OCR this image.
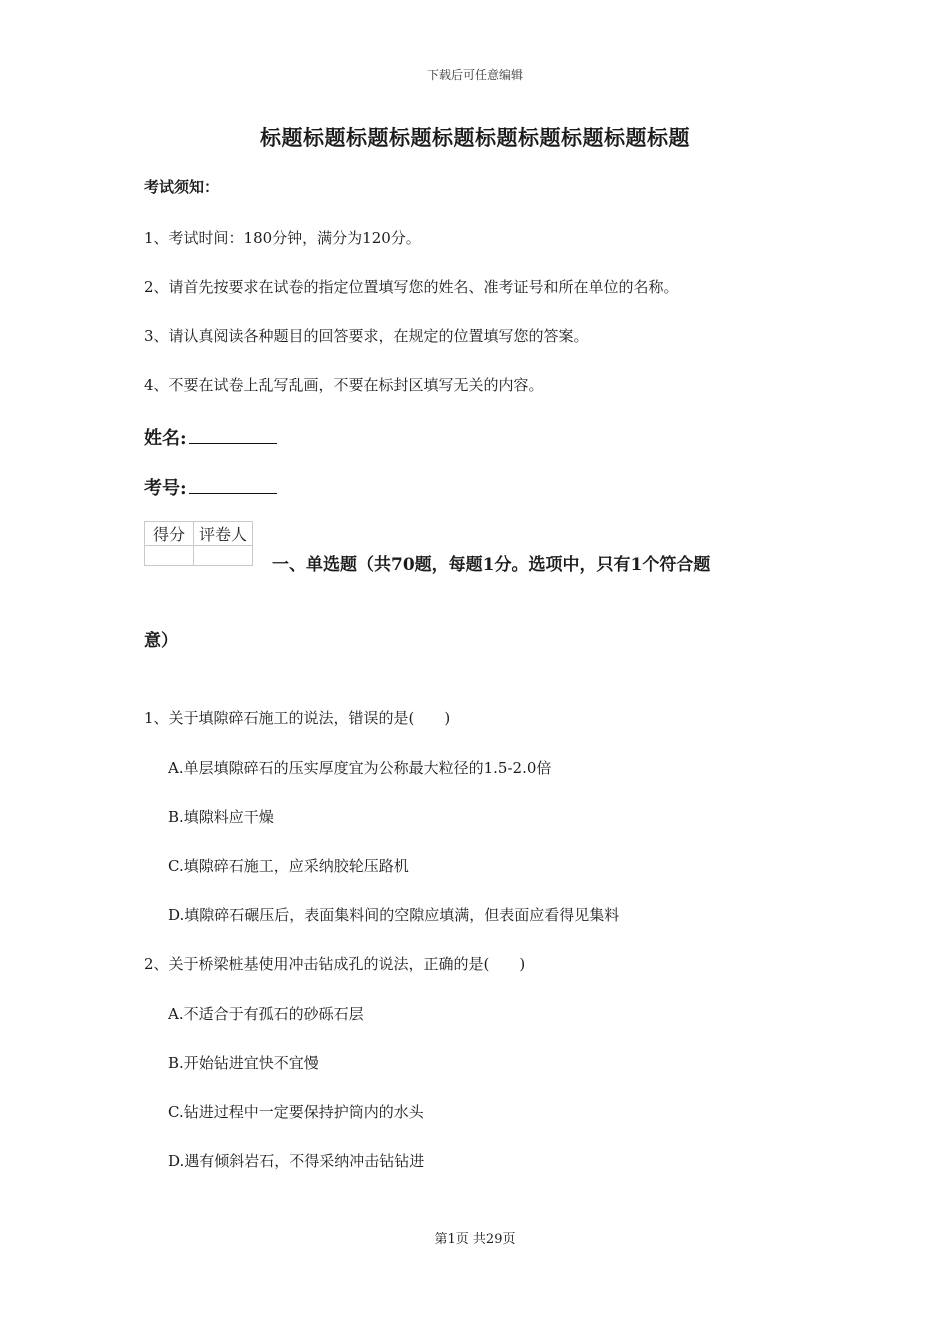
下载后可任意编辑
标题标题标题标题标题标题标题标题标题标题
考试须知：
1、考试时间：180分钟，满分为120分。
2、请首先按要求在试卷的指定位置填写您的姓名、准考证号和所在单位的名称。
3、请认真阅读各种题目的回答要求，在规定的位置填写您的答案。
4、不要在试卷上乱写乱画，不要在标封区填写无关的内容。
姓名:
考号:
得分	评卷人

一、单选题（共70题，每题1分。选项中，只有1个符合题
意）
1、关于填隙碎石施工的说法，错误的是(　　)
A.单层填隙碎石的压实厚度宜为公称最大粒径的1.5-2.0倍
B.填隙料应干燥
C.填隙碎石施工，应采纳胶轮压路机
D.填隙碎石碾压后，表面集料间的空隙应填满，但表面应看得见集料
2、关于桥梁桩基使用冲击钻成孔的说法，正确的是(　　)
A.不适合于有孤石的砂砾石层
B.开始钻进宜快不宜慢
C.钻进过程中一定要保持护筒内的水头
D.遇有倾斜岩石，不得采纳冲击钻钻进
第1页 共29页
